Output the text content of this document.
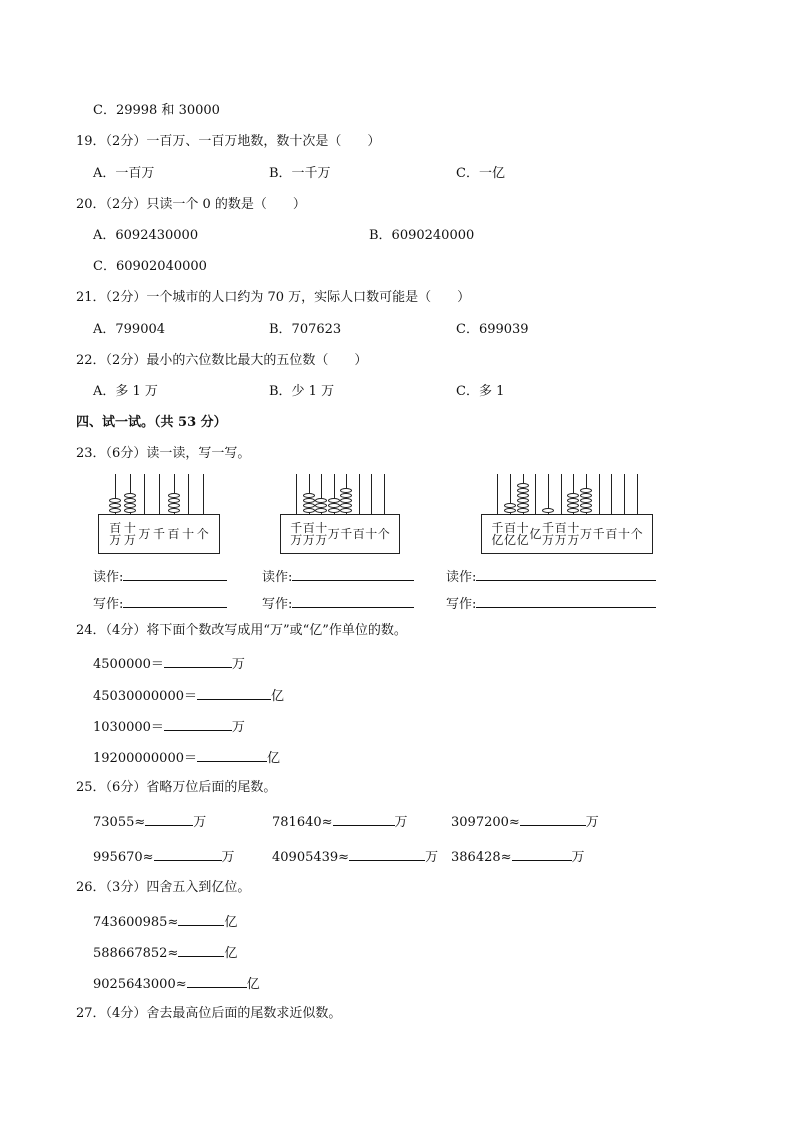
C．29998 和 30000
19．（2分）一百万、一百万地数，数十次是（　　）
A．一百万	B．一千万	C．一亿
20．（2分）只读一个 0 的数是（　　）
A．6092430000	B．6090240000
C．60902040000
21．（2分）一个城市的人口约为 70 万，实际人口数可能是（　　）
A．799004	B．707623	C．699039
22．（2分）最小的六位数比最大的五位数（　　）
A．多 1 万	B．少 1 万	C．多 1
四、试一试。（共 53 分）
23．（6分）读一读，写一写。
百
万
十
万 万 千 百 十 个	千
万
百
万
十
万 万 千 百 十 个	千
亿
百
亿
十
亿 亿 千
万
百
万
十
万 万 千 百 十 个
读作:
写作:
读作:
写作:
读作:
写作:
24．（4分）将下面个数改写成用“万”或“亿”作单位的数。
4500000＝	万
45030000000＝	亿
1030000＝	万
19200000000＝	亿
25．（6分）省略万位后面的尾数。
73055≈	万	781640≈	万	3097200≈	万
995670≈	万	40905439≈	万 386428≈	万
26．（3分）四舍五入到亿位。
743600985≈	亿
588667852≈	亿
9025643000≈	亿
27．（4分）舍去最高位后面的尾数求近似数。
